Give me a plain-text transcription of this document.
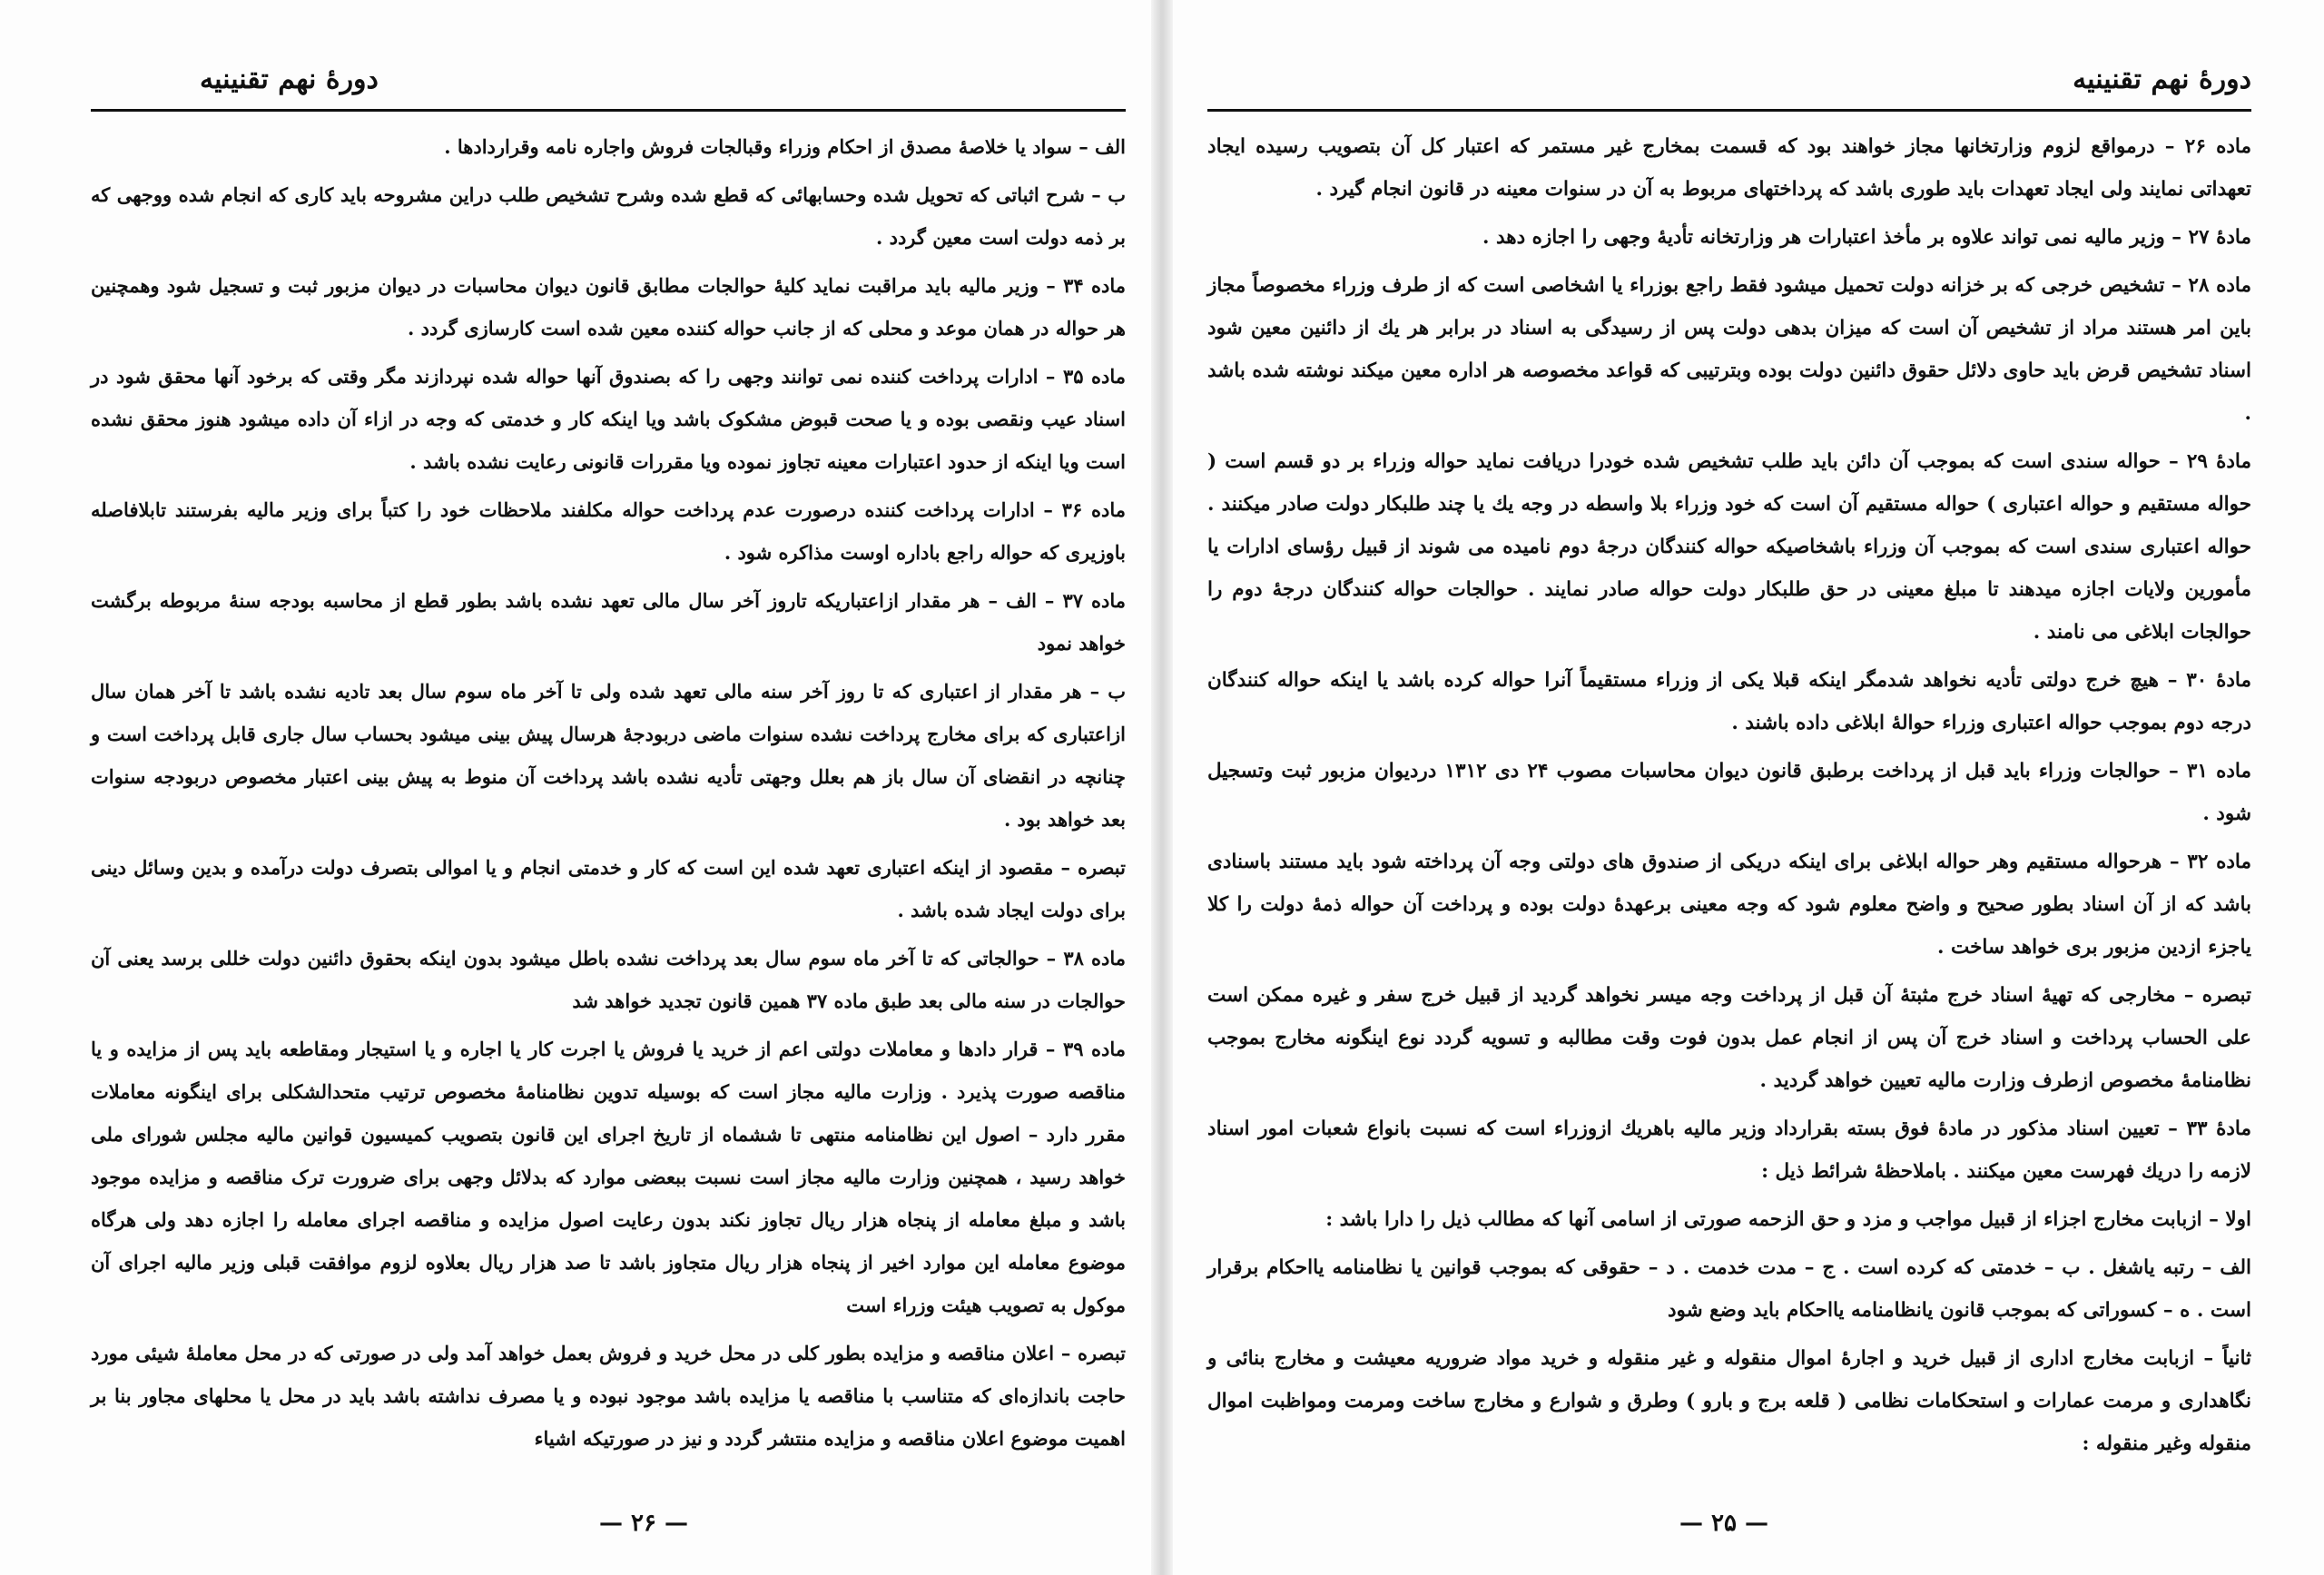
دورهٔ نهم تقنینیه

الف – سواد یا خلاصهٔ مصدق از احکام وزراء وقبالجات فروش واجاره نامه وقراردادها .

ب – شرح اثباتی که تحویل شده وحسابهائی که قطع شده وشرح تشخیص طلب دراین مشروحه باید کاری که انجام شده ووجهی که بر ذمه دولت است معین گردد .

ماده ۳۴ – وزیر مالیه باید مراقبت نماید کلیهٔ حوالجات مطابق قانون دیوان محاسبات در دیوان مزبور ثبت و تسجیل شود وهمچنین هر حواله در همان موعد و محلی که از جانب حواله کننده معین شده است کارسازی گردد .

ماده ۳۵ – ادارات پرداخت کننده نمی توانند وجهی را که بصندوق آنها حواله شده نپردازند مگر وقتی که برخود آنها محقق شود در اسناد عیب ونقصی بوده و یا صحت قبوض مشکوک باشد ویا اینکه کار و خدمتی که وجه در ازاء آن داده میشود هنوز محقق نشده است ویا اینکه از حدود اعتبارات معینه تجاوز نموده ویا مقررات قانونی رعایت نشده باشد .

ماده ۳۶ – ادارات پرداخت کننده درصورت عدم پرداخت حواله مکلفند ملاحظات خود را کتباً برای وزیر مالیه بفرستند تابلافاصله باوزیری که حواله راجع باداره اوست مذاکره شود .

ماده ۳۷ – الف – هر مقدار ازاعتباریکه تاروز آخر سال مالی تعهد نشده باشد بطور قطع از محاسبه بودجه سنهٔ مربوطه برگشت خواهد نمود

ب – هر مقدار از اعتباری که تا روز آخر سنه مالی تعهد شده ولی تا آخر ماه سوم سال بعد تادیه نشده باشد تا آخر همان سال ازاعتباری که برای مخارج پرداخت نشده سنوات ماضی دربودجهٔ هرسال پیش بینی میشود بحساب سال جاری قابل پرداخت است و چنانچه در انقضای آن سال باز هم بعلل وجهتی تأدیه نشده باشد پرداخت آن منوط به پیش بینی اعتبار مخصوص دربودجه سنوات بعد خواهد بود .

تبصره – مقصود از اینکه اعتباری تعهد شده این است که کار و خدمتی انجام و یا اموالی بتصرف دولت درآمده و بدین وسائل دینی برای دولت ایجاد شده باشد .

ماده ۳۸ – حوالجاتی که تا آخر ماه سوم سال بعد پرداخت نشده باطل میشود بدون اینکه بحقوق دائنین دولت خللی برسد یعنی آن حوالجات در سنه مالی بعد طبق ماده ۳۷ همین قانون تجدید خواهد شد

ماده ۳۹ – قرار دادها و معاملات دولتی اعم از خرید یا فروش یا اجرت کار یا اجاره و یا استیجار ومقاطعه باید پس از مزایده و یا مناقصه صورت پذیرد . وزارت مالیه مجاز است که بوسیله تدوین نظامنامهٔ مخصوص ترتیب متحدالشکلی برای اینگونه معاملات مقرر دارد – اصول این نظامنامه منتهی تا ششماه از تاریخ اجرای این قانون بتصویب کمیسیون قوانین مالیه مجلس شورای ملی خواهد رسید ، همچنین وزارت مالیه مجاز است نسبت ببعضی موارد که بدلائل وجهی برای ضرورت ترک مناقصه و مزایده موجود باشد و مبلغ معامله از پنجاه هزار ریال تجاوز نکند بدون رعایت اصول مزایده و مناقصه اجرای معامله را اجازه دهد ولی هرگاه موضوع معامله این موارد اخیر از پنجاه هزار ریال متجاوز باشد تا صد هزار ریال بعلاوه لزوم موافقت قبلی وزیر مالیه اجرای آن موکول به تصویب هیئت وزراء است

تبصره – اعلان مناقصه و مزایده بطور کلی در محل خرید و فروش بعمل خواهد آمد ولی در صورتی که در محل معاملهٔ شیئی مورد حاجت باندازه‌ای که متناسب با مناقصه یا مزایده باشد موجود نبوده و یا مصرف نداشته باشد باید در محل یا محلهای مجاور بنا بر اهمیت موضوع اعلان مناقصه و مزایده منتشر گردد و نیز در صورتیکه اشیاء

— ۲۶ —
دورهٔ نهم تقنینیه

ماده ۲۶ – درمواقع لزوم وزارتخانها مجاز خواهند بود که قسمت بمخارج غیر مستمر که اعتبار کل آن بتصویب رسیده ایجاد تعهداتی نمایند ولی ایجاد تعهدات باید طوری باشد که پرداختهای مربوط به آن در سنوات معینه در قانون انجام گیرد .

مادهٔ ۲۷ – وزیر مالیه نمی تواند علاوه بر مأخذ اعتبارات هر وزارتخانه تأدیهٔ وجهی را اجازه دهد .

ماده ۲۸ – تشخیص خرجی که بر خزانه دولت تحمیل میشود فقط راجع بوزراء یا اشخاصی است که از طرف وزراء مخصوصاً مجاز باین امر هستند مراد از تشخیص آن است که میزان بدهی دولت پس از رسیدگی به اسناد در برابر هر یك از دائنین معین شود اسناد تشخیص قرض باید حاوی دلائل حقوق دائنین دولت بوده وبترتیبی که قواعد مخصوصه هر اداره معین میکند نوشته شده باشد .

مادهٔ ۲۹ – حواله سندی است که بموجب آن دائن باید طلب تشخیص شده خودرا دریافت نماید حواله وزراء بر دو قسم است ( حواله مستقیم و حواله اعتباری ) حواله مستقیم آن است که خود وزراء بلا واسطه در وجه یك یا چند طلبکار دولت صادر میکنند . حواله اعتباری سندی است که بموجب آن وزراء باشخاصیکه حواله کنندگان درجهٔ دوم نامیده می شوند از قبیل رؤسای ادارات یا مأمورین ولایات اجازه میدهند تا مبلغ معینی در حق طلبکار دولت حواله صادر نمایند . حوالجات حواله کنندگان درجهٔ دوم را حوالجات ابلاغی می نامند .

مادهٔ ۳۰ – هیچ خرج دولتی تأدیه نخواهد شدمگر اینکه قبلا یکی از وزراء مستقیماً آنرا حواله کرده باشد یا اینکه حواله کنندگان درجه دوم بموجب حواله اعتباری وزراء حوالهٔ ابلاغی داده باشند .

ماده ۳۱ – حوالجات وزراء باید قبل از پرداخت برطبق قانون دیوان محاسبات مصوب ۲۴ دی ۱۳۱۲ دردیوان مزبور ثبت وتسجیل شود .

ماده ۳۲ – هرحواله مستقیم وهر حواله ابلاغی برای اینکه دریکی از صندوق های دولتی وجه آن پرداخته شود باید مستند باسنادی باشد که از آن اسناد بطور صحیح و واضح معلوم شود که وجه معینی برعهدهٔ دولت بوده و پرداخت آن حواله ذمهٔ دولت را کلا یاجزء ازدین مزبور بری خواهد ساخت .

تبصره – مخارجی که تهیهٔ اسناد خرج مثبتهٔ آن قبل از پرداخت وجه میسر نخواهد گردید از قبیل خرج سفر و غیره ممکن است علی الحساب پرداخت و اسناد خرج آن پس از انجام عمل بدون فوت وقت مطالبه و تسویه گردد نوع اینگونه مخارج بموجب نظامنامهٔ مخصوص ازطرف وزارت مالیه تعیین خواهد گردید .

مادهٔ ۳۳ – تعیین اسناد مذکور در مادهٔ فوق بسته بقرارداد وزیر مالیه باهریك ازوزراء است که نسبت بانواع شعبات امور اسناد لازمه را دریك فهرست معین میکنند . باملاحظهٔ شرائط ذیل :

اولا – ازبابت مخارج اجزاء از قبیل مواجب و مزد و حق الزحمه صورتی از اسامی آنها که مطالب ذیل را دارا باشد :

الف – رتبه یاشغل . ب – خدمتی که کرده است . ج – مدت خدمت . د – حقوقی که بموجب قوانین یا نظامنامه یااحکام برقرار است . ه – کسوراتی که بموجب قانون یانظامنامه یااحکام باید وضع شود

ثانیاً – ازبابت مخارج اداری از قبیل خرید و اجارهٔ اموال منقوله و غیر منقوله و خرید مواد ضروریه معیشت و مخارج بنائی و نگاهداری و مرمت عمارات و استحکامات نظامی ( قلعه برج و بارو ) وطرق و شوارع و مخارج ساخت ومرمت ومواظبت اموال منقوله وغیر منقوله :

— ۲۵ —
